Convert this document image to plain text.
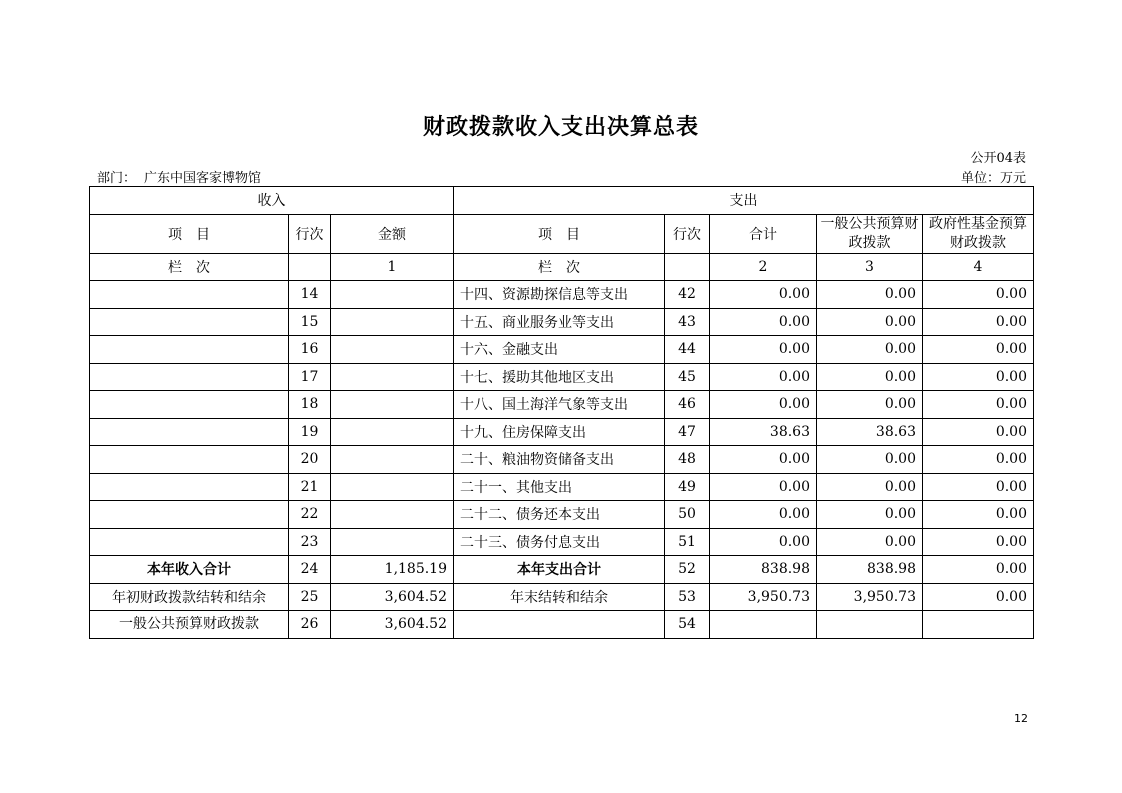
财政拨款收入支出决算总表
公开04表
部门： 广东中国客家博物馆	单位：万元
收入			支出				
项　目	行次	金额	项　目	行次	合计	一般公共预算财政拨款	政府性基金预算财政拨款
栏　次		1	栏　次		2	3	4
	14		十四、资源勘探信息等支出	42	0.00	0.00	0.00
	15		十五、商业服务业等支出	43	0.00	0.00	0.00
	16		十六、金融支出	44	0.00	0.00	0.00
	17		十七、援助其他地区支出	45	0.00	0.00	0.00
	18		十八、国土海洋气象等支出	46	0.00	0.00	0.00
	19		十九、住房保障支出	47	38.63	38.63	0.00
	20		二十、粮油物资储备支出	48	0.00	0.00	0.00
	21		二十一、其他支出	49	0.00	0.00	0.00
	22		二十二、债务还本支出	50	0.00	0.00	0.00
	23		二十三、债务付息支出	51	0.00	0.00	0.00
本年收入合计	24	1,185.19	本年支出合计	52	838.98	838.98	0.00
年初财政拨款结转和结余	25	3,604.52	年末结转和结余	53	3,950.73	3,950.73	0.00
一般公共预算财政拨款	26	3,604.52		54			
12
